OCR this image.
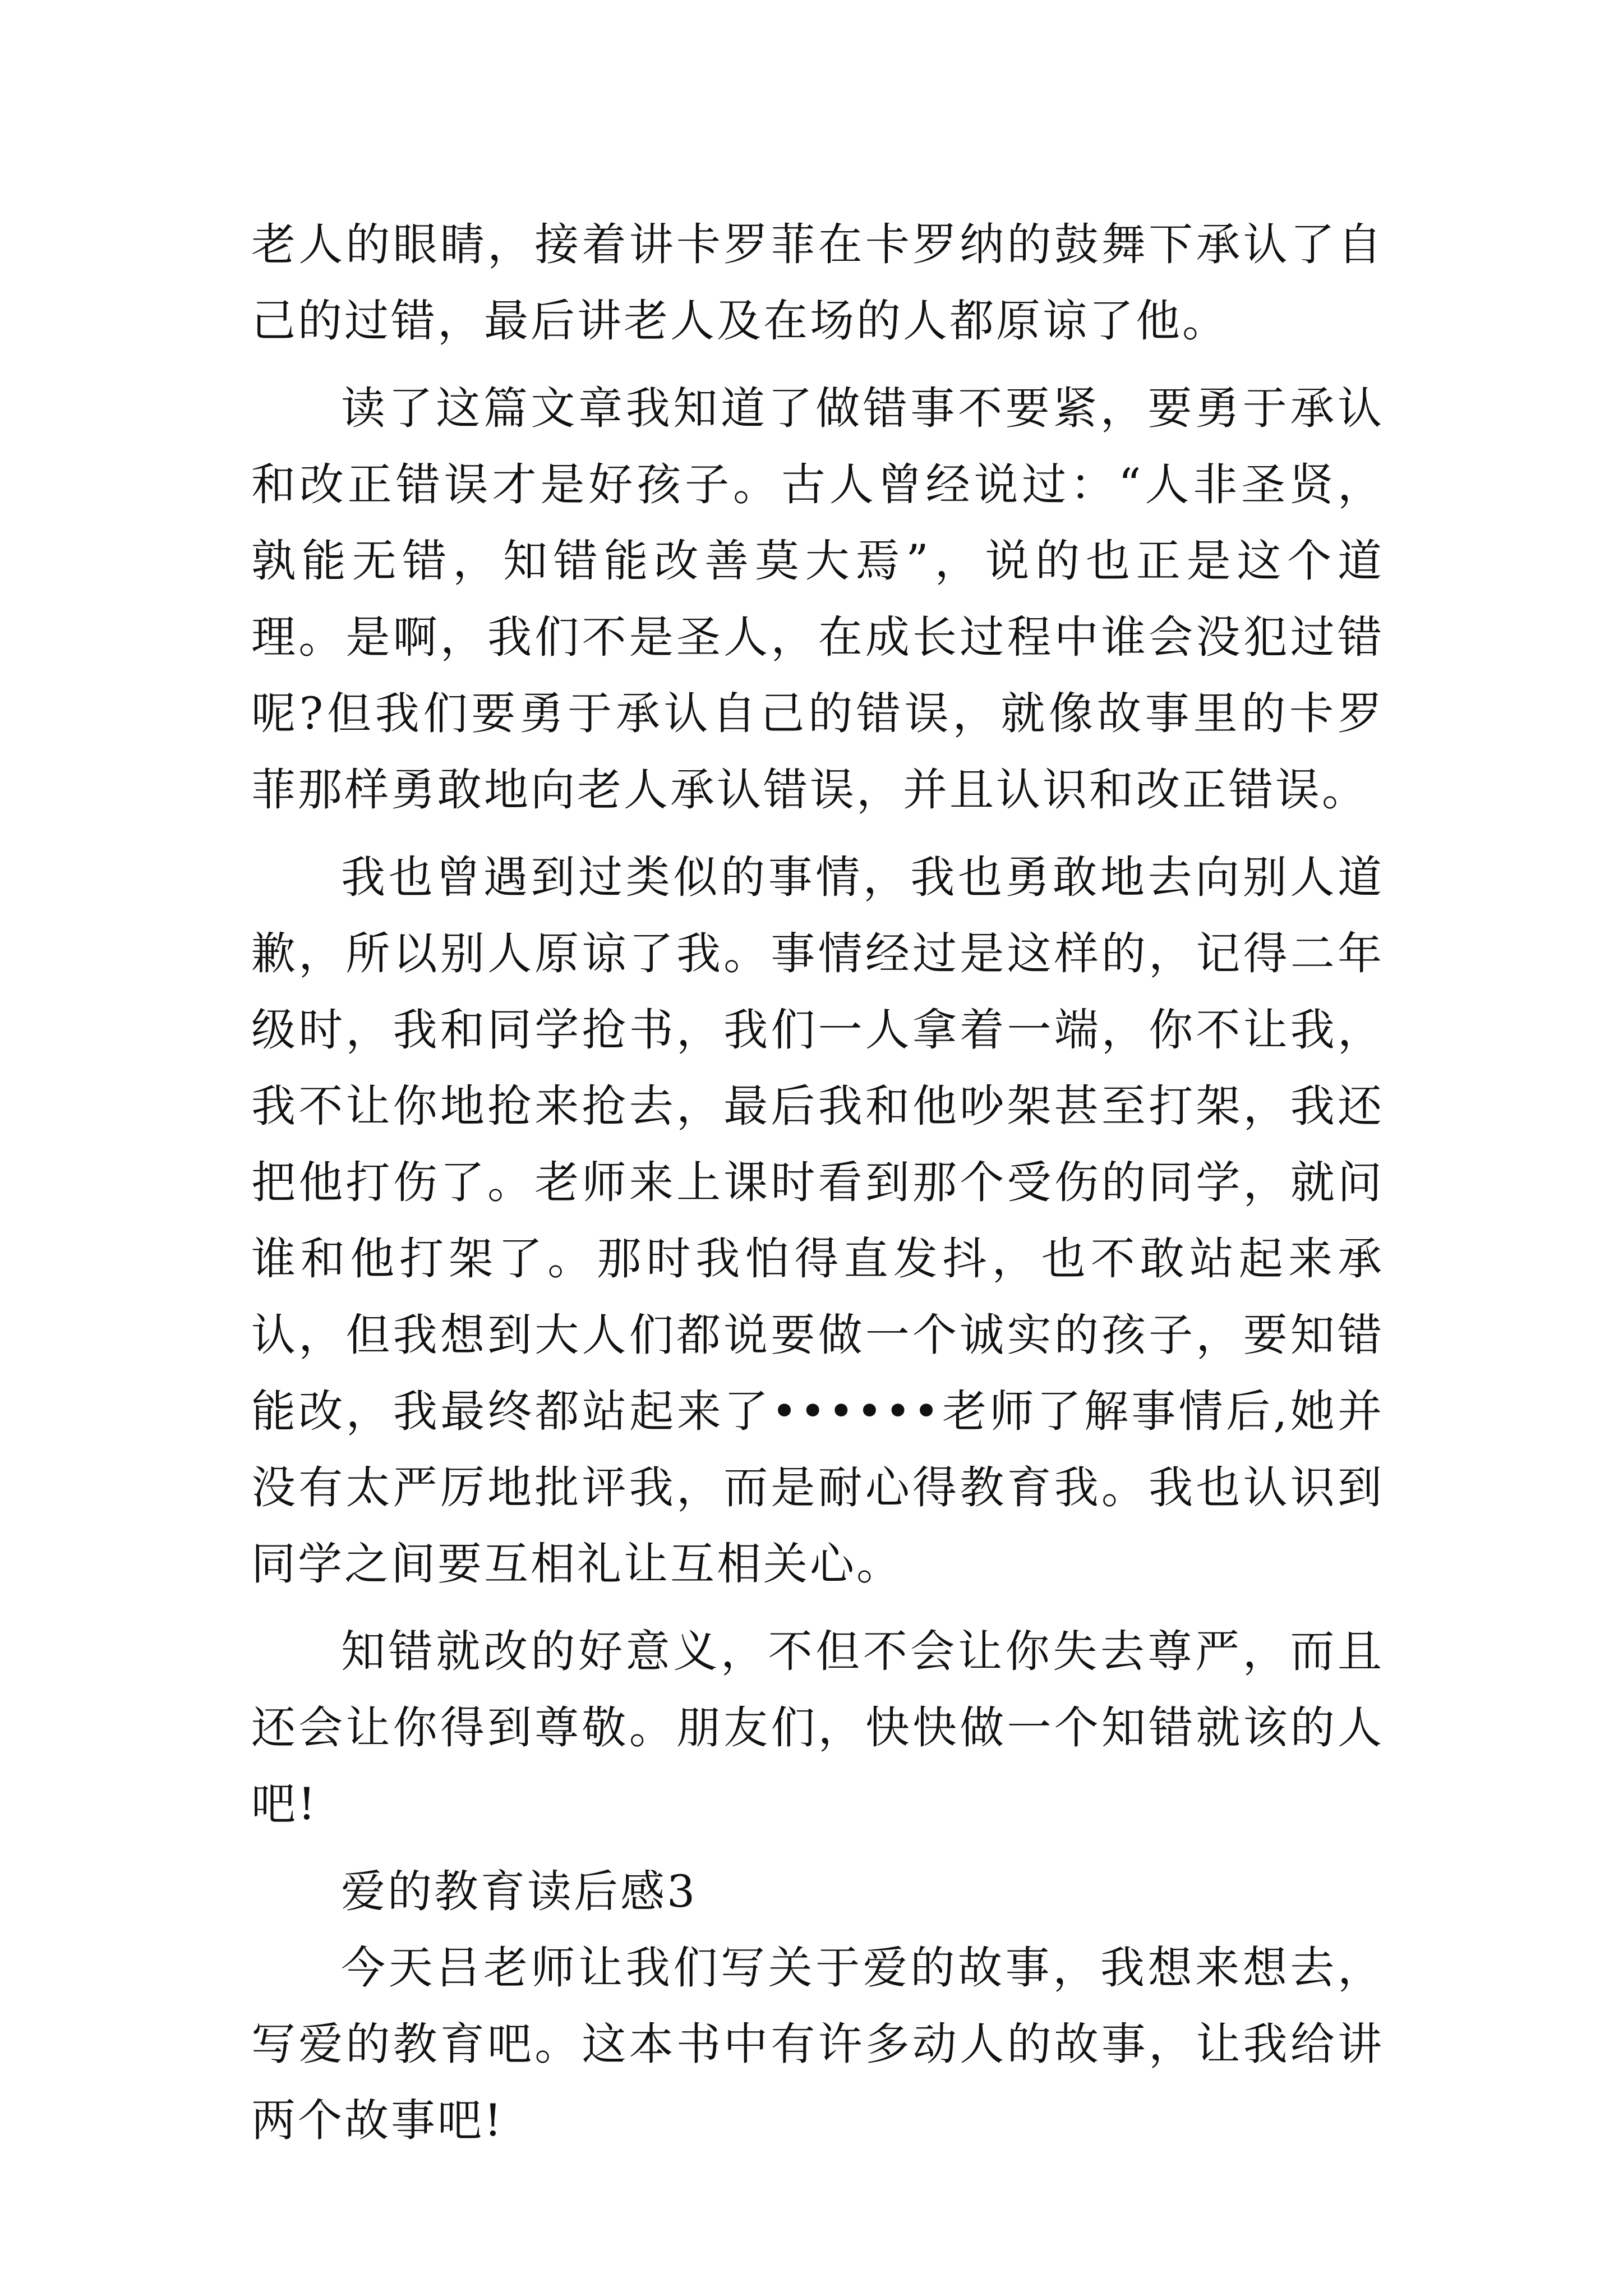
老人的眼睛，接着讲卡罗菲在卡罗纳的鼓舞下承认了自己的过错，最后讲老人及在场的人都原谅了他。

读了这篇文章我知道了做错事不要紧，要勇于承认和改正错误才是好孩子。古人曾经说过：“人非圣贤，孰能无错，知错能改善莫大焉”，说的也正是这个道理。是啊，我们不是圣人，在成长过程中谁会没犯过错呢?但我们要勇于承认自己的错误，就像故事里的卡罗菲那样勇敢地向老人承认错误，并且认识和改正错误。

我也曾遇到过类似的事情，我也勇敢地去向别人道歉，所以别人原谅了我。事情经过是这样的，记得二年级时，我和同学抢书，我们一人拿着一端，你不让我，我不让你地抢来抢去，最后我和他吵架甚至打架，我还把他打伤了。老师来上课时看到那个受伤的同学，就问谁和他打架了。那时我怕得直发抖，也不敢站起来承认，但我想到大人们都说要做一个诚实的孩子，要知错能改，我最终都站起来了••••••老师了解事情后,她并没有太严厉地批评我，而是耐心得教育我。我也认识到同学之间要互相礼让互相关心。

知错就改的好意义，不但不会让你失去尊严，而且还会让你得到尊敬。朋友们，快快做一个知错就该的人吧!

爱的教育读后感3

今天吕老师让我们写关于爱的故事，我想来想去，写爱的教育吧。这本书中有许多动人的故事，让我给讲两个故事吧!
